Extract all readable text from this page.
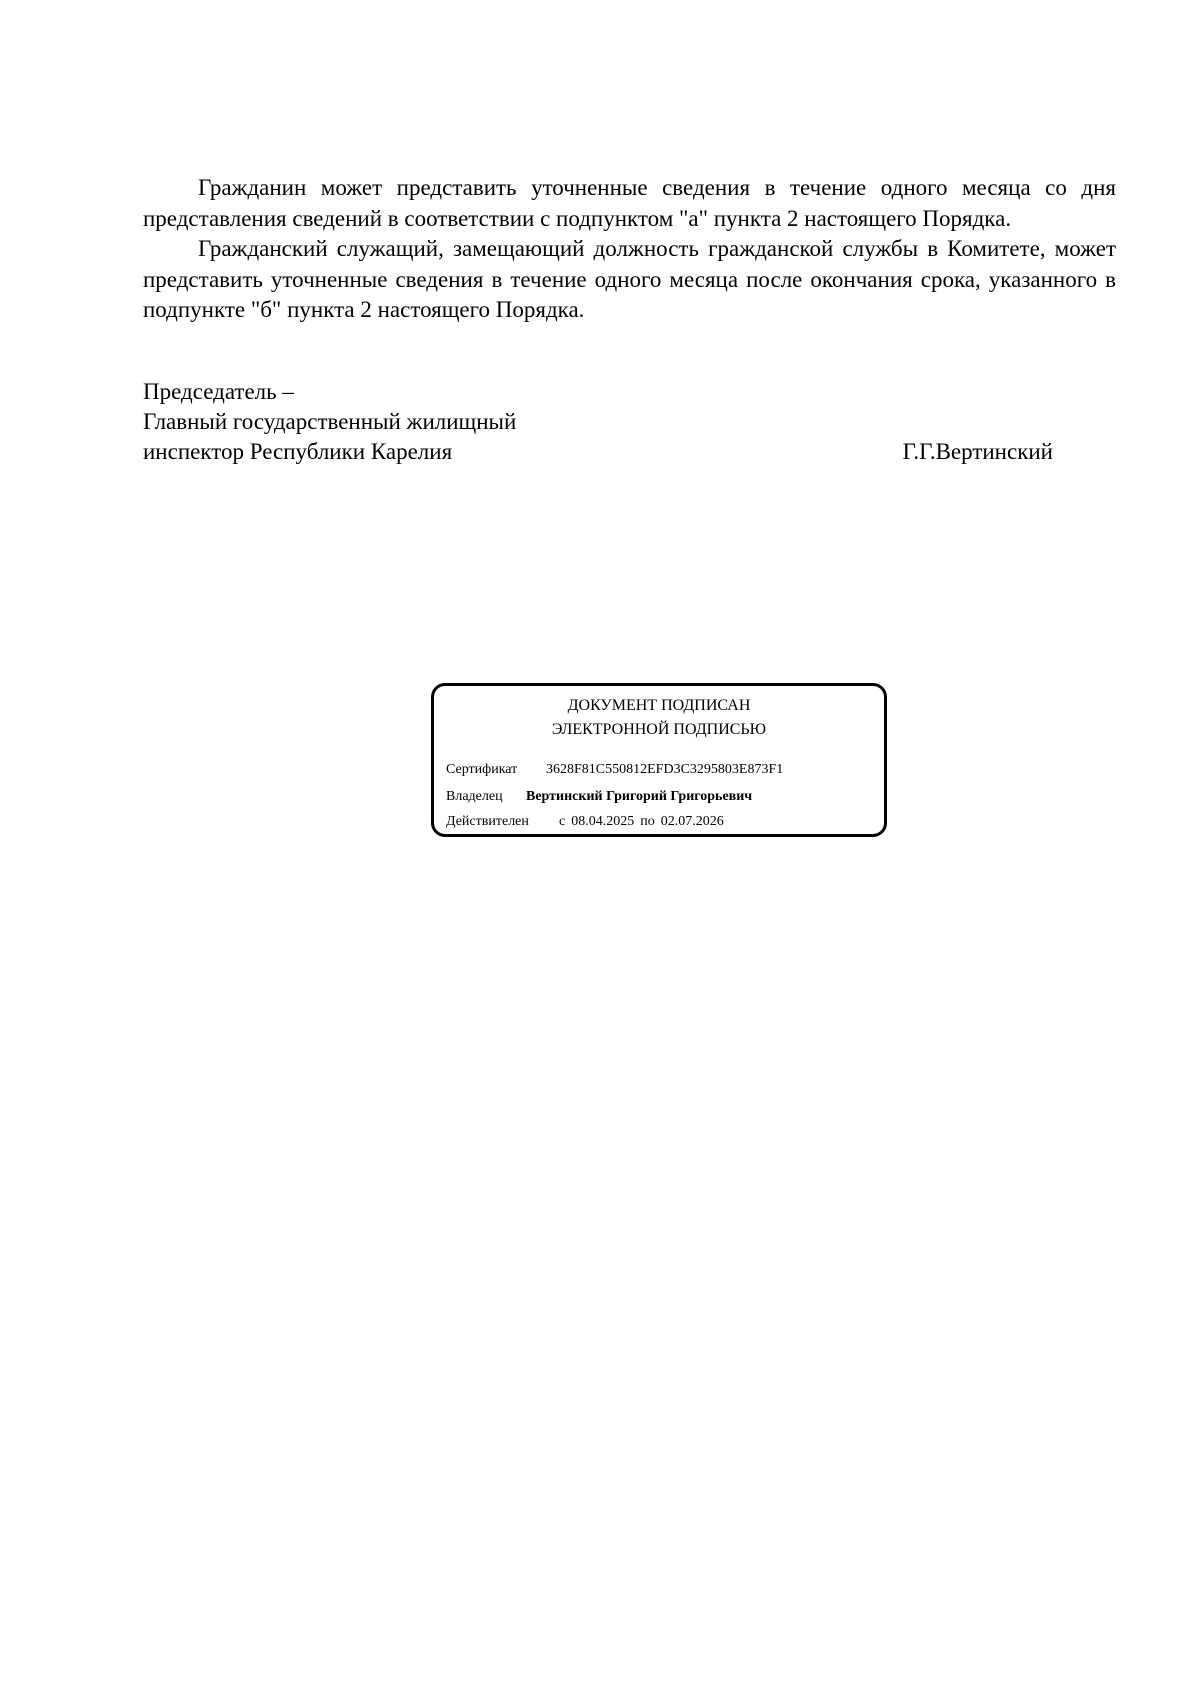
Гражданин может представить уточненные сведения в течение одного месяца со дня представления сведений в соответствии с подпунктом "а" пункта 2 настоящего Порядка.

Гражданский служащий, замещающий должность гражданской службы в Комитете, может представить уточненные сведения в течение одного месяца после окончания срока, указанного в подпункте "б" пункта 2 настоящего Порядка.

Председатель –
Главный государственный жилищный
инспектор Республики Карелия	Г.Г.Вертинский
ДОКУМЕНТ ПОДПИСАН
ЭЛЕКТРОННОЙ ПОДПИСЬЮ
Сертификат 3628F81C550812EFD3C3295803E873F1
Владелец Вертинский Григорий Григорьевич
Действителен с 08.04.2025 по 02.07.2026
